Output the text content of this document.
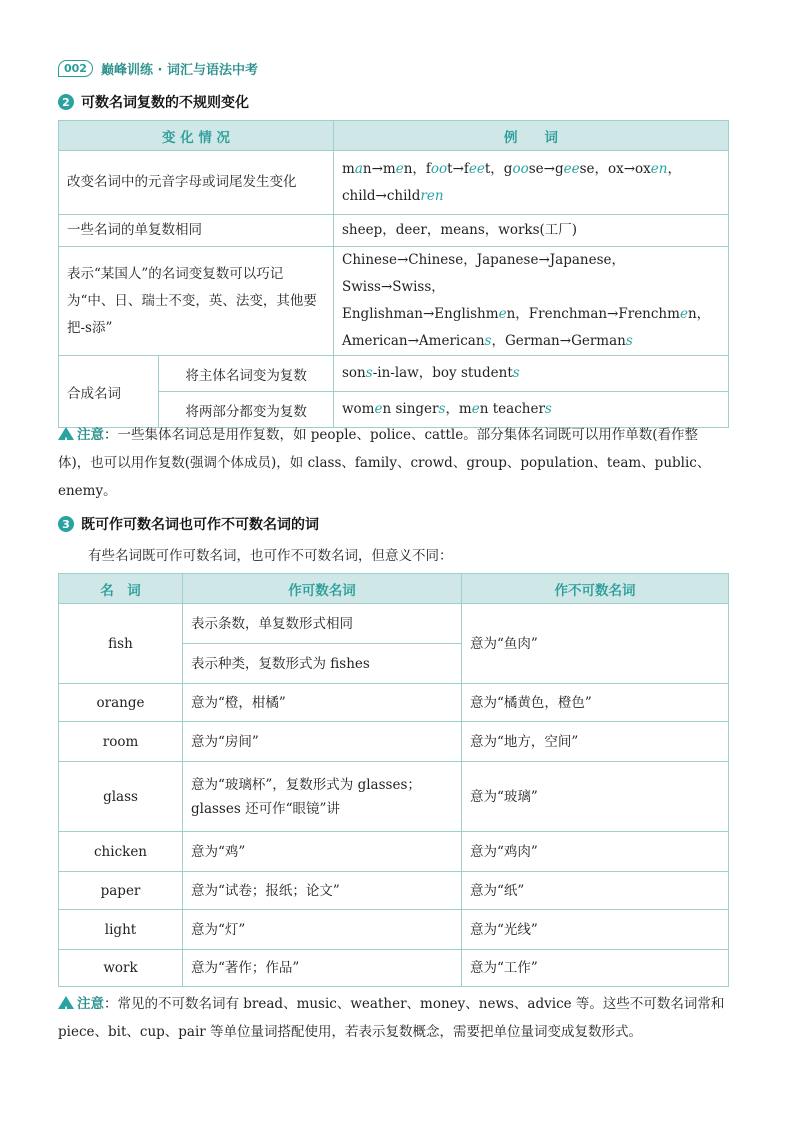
002	巅峰训练 · 词汇与语法中考
2 可数名词复数的不规则变化
变 化 情 况		例　　词
改变名词中的元音字母或词尾发生变化		man→men，foot→feet，goose→geese，ox→oxen，
child→children
一些名词的单复数相同		sheep，deer，means，works(工厂)
表示“某国人”的名词变复数可以巧记为“中、日、瑞士不变，英、法变，其他要把-s添”		Chinese→Chinese，Japanese→Japanese，Swiss→Swiss，
Englishman→Englishmen，Frenchman→Frenchmen，
American→Americans，German→Germans
合成名词	将主体名词变为复数	sons-in-law，boy students
	将两部分都变为复数	women singers，men teachers
!注意：一些集体名词总是用作复数，如 people、police、cattle。部分集体名词既可以用作单数(看作整体)，也可以用作复数(强调个体成员)，如 class、family、crowd、group、population、team、public、enemy。
3 既可作可数名词也可作不可数名词的词
有些名词既可作可数名词，也可作不可数名词，但意义不同：
名　词	作可数名词	作不可数名词
fish	表示条数，单复数形式相同	意为“鱼肉”
	表示种类，复数形式为 fishes	
orange	意为“橙，柑橘”	意为“橘黄色，橙色”
room	意为“房间”	意为“地方，空间”
glass	意为“玻璃杯”，复数形式为 glasses；glasses 还可作“眼镜”讲	意为“玻璃”
chicken	意为“鸡”	意为“鸡肉”
paper	意为“试卷；报纸；论文”	意为“纸”
light	意为“灯”	意为“光线”
work	意为“著作；作品”	意为“工作”
!注意：常见的不可数名词有 bread、music、weather、money、news、advice 等。这些不可数名词常和 piece、bit、cup、pair 等单位量词搭配使用，若表示复数概念，需要把单位量词变成复数形式。
